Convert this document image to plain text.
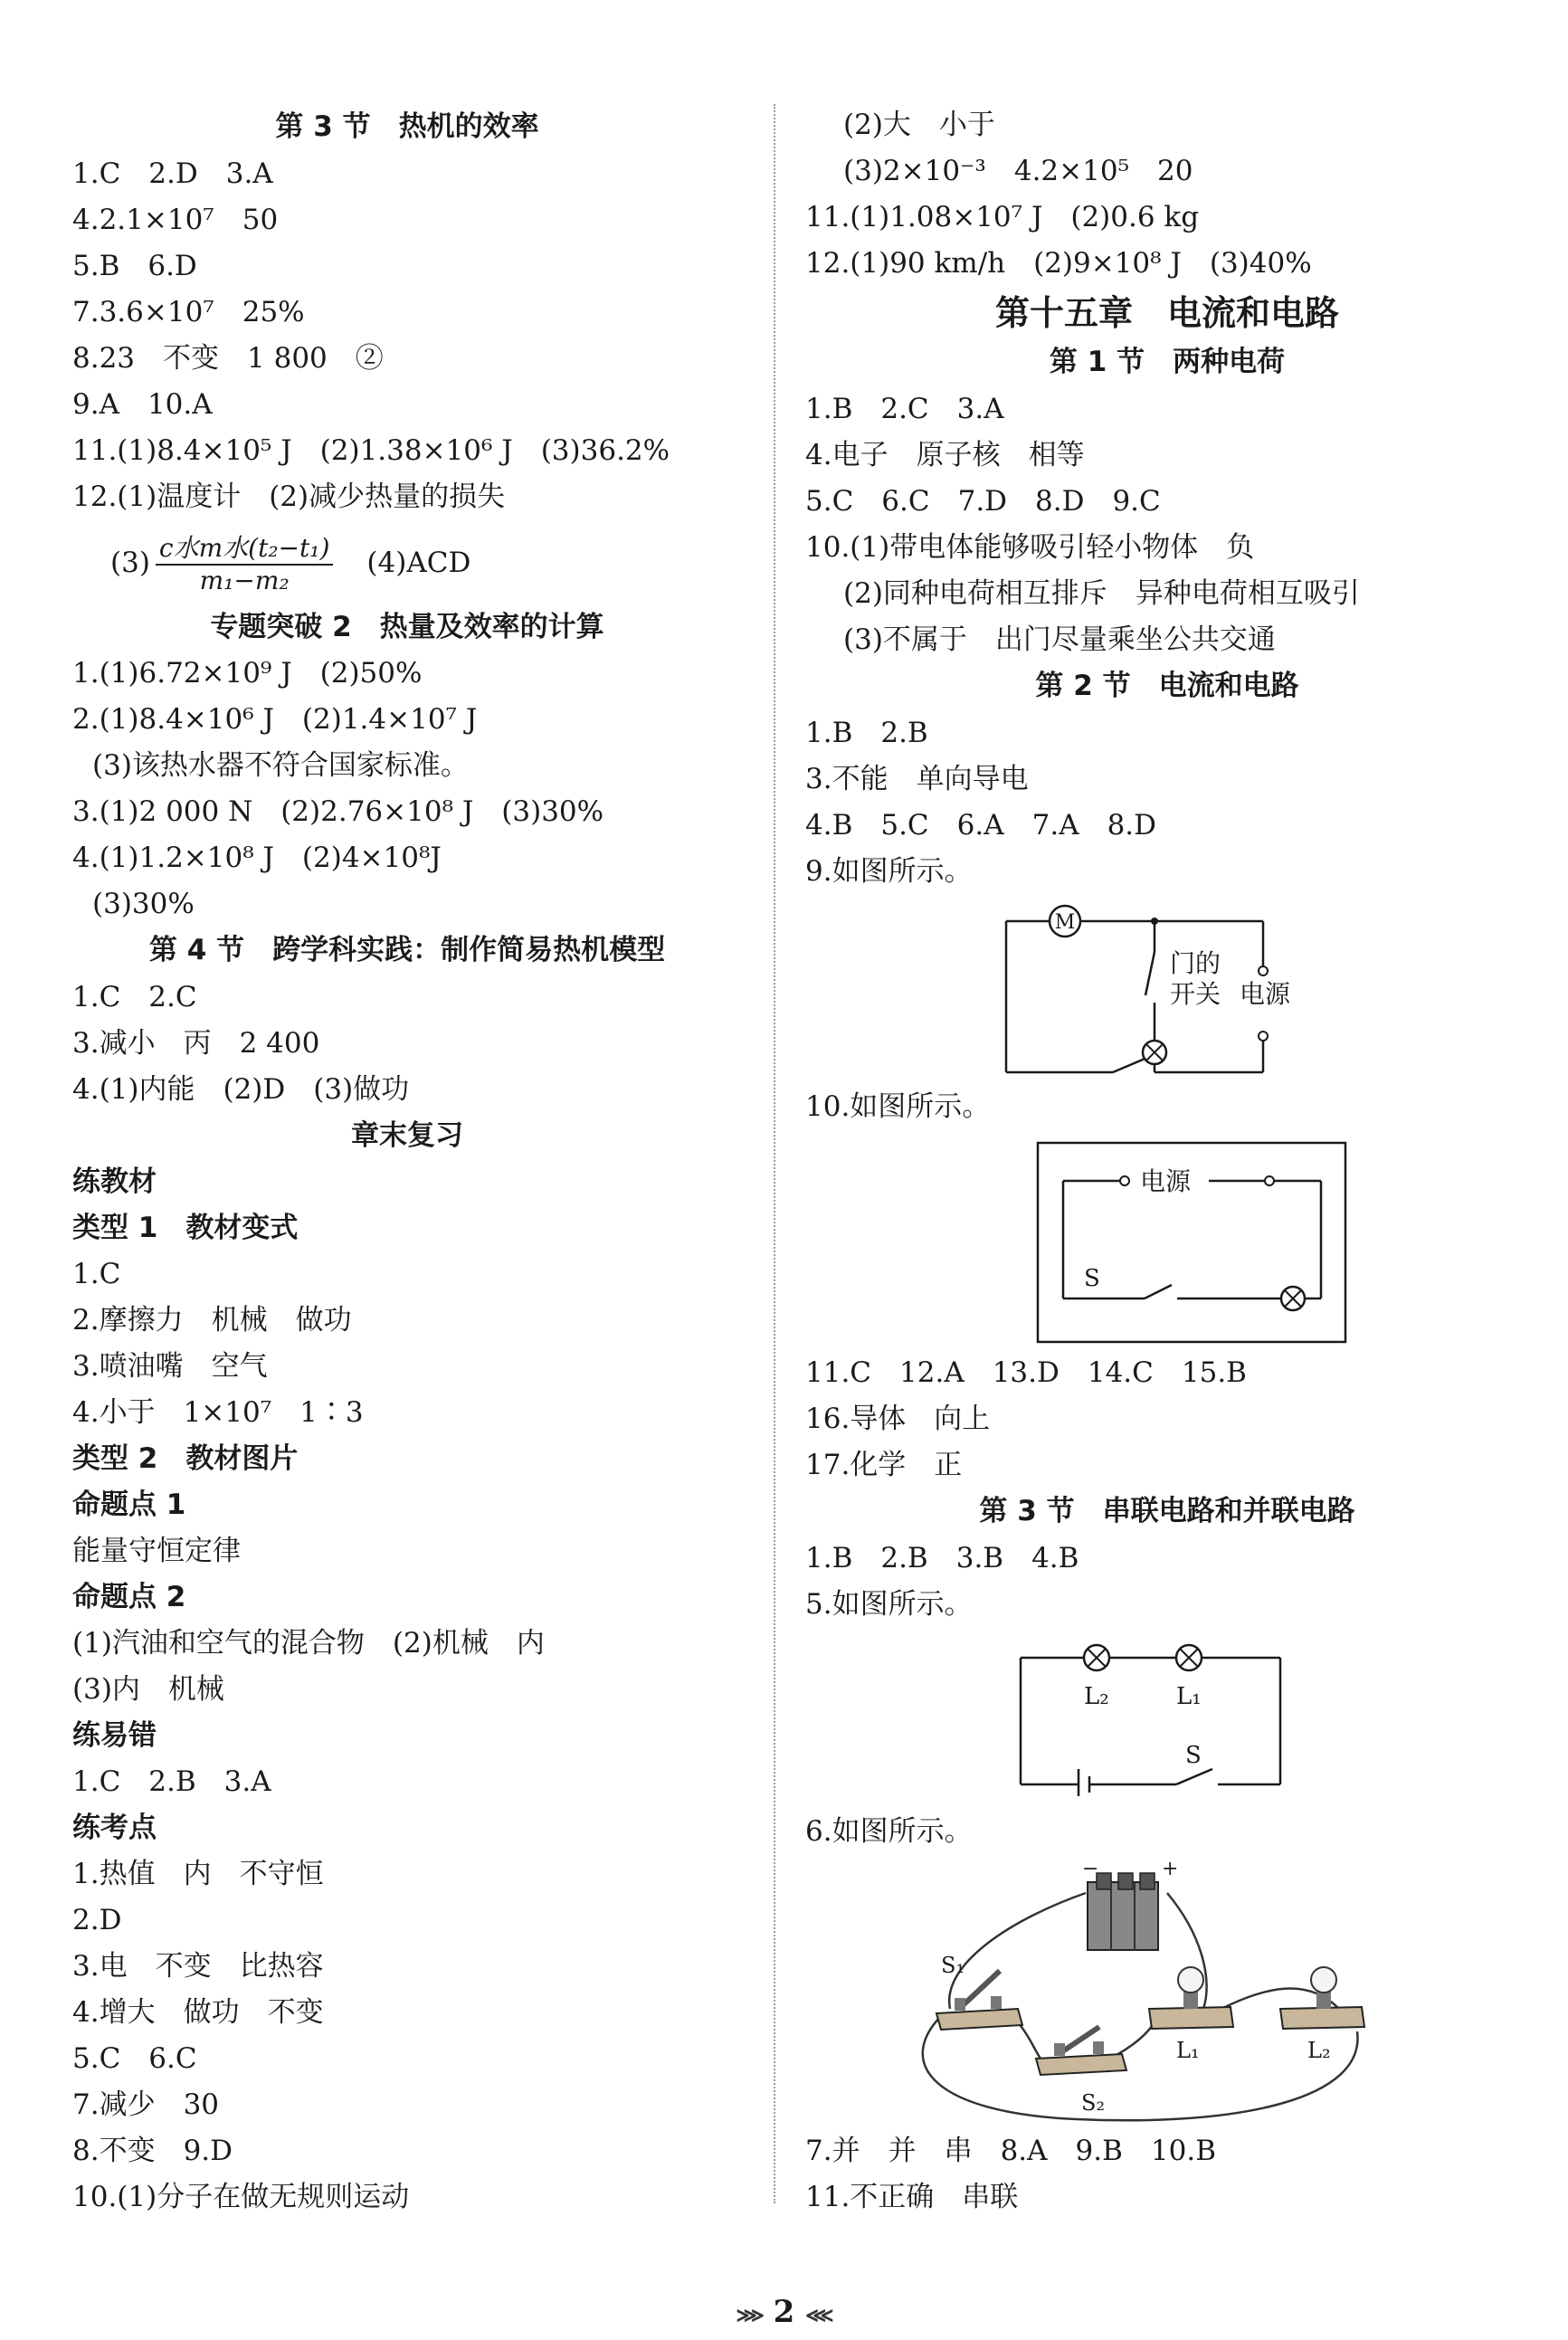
第 3 节　热机的效率
1.C　2.D　3.A
4.2.1×10⁷　50
5.B　6.D
7.3.6×10⁷　25%
8.23　不变　1 800　②
9.A　10.A
11.(1)8.4×10⁵ J　(2)1.38×10⁶ J　(3)36.2%
12.(1)温度计　(2)减少热量的损失
$(3) \frac{\text{c水m水(t₂−t₁)}}{\text{m₁−m₂}}$
　 (4)ACD
专题突破 2　热量及效率的计算
1.(1)6.72×10⁹ J　(2)50%
2.(1)8.4×10⁶ J　(2)1.4×10⁷ J
(3)该热水器不符合国家标准。
3.(1)2 000 N　(2)2.76×10⁸ J　(3)30%
4.(1)1.2×10⁸ J　(2)4×10⁸J
(3)30%
第 4 节　跨学科实践：制作简易热机模型
1.C　2.C
3.减小　丙　2 400
4.(1)内能　(2)D　(3)做功
章末复习
练教材
类型 1　教材变式
1.C
2.摩擦力　机械　做功
3.喷油嘴　空气
4.小于　1×10⁷　1∶3
类型 2　教材图片
命题点 1
能量守恒定律
命题点 2
(1)汽油和空气的混合物　(2)机械　内
(3)内　机械
练易错
1.C　2.B　3.A
练考点
1.热值　内　不守恒
2.D
3.电　不变　比热容
4.增大　做功　不变
5.C　6.C
7.减少　30
8.不变　9.D
10.(1)分子在做无规则运动
(2)大　小于
(3)2×10⁻³　4.2×10⁵　20
11.(1)1.08×10⁷ J　(2)0.6 kg
12.(1)90 km/h　(2)9×10⁸ J　(3)40%
第十五章　电流和电路
第 1 节　两种电荷
1.B　2.C　3.A
4.电子　原子核　相等
5.C　6.C　7.D　8.D　9.C
10.(1)带电体能够吸引轻小物体　负
(2)同种电荷相互排斥　异种电荷相互吸引
(3)不属于　出门尽量乘坐公共交通
第 2 节　电流和电路
1.B　2.B
3.不能　单向导电
4.B　5.C　6.A　7.A　8.D
9.如图所示。
M
门的
开关 电源
10.如图所示。
电源
S
11.C　12.A　13.D　14.C　15.B
16.导体　向上
17.化学　正
第 3 节　串联电路和并联电路
1.B　2.B　3.B　4.B
5.如图所示。
L₂	L₁
S
6.如图所示。
−	+
S₁
S₂
L₁	L₂
7.并　并　串　8.A　9.B　10.B
11.不正确　串联
⋙ 2 ⋘
